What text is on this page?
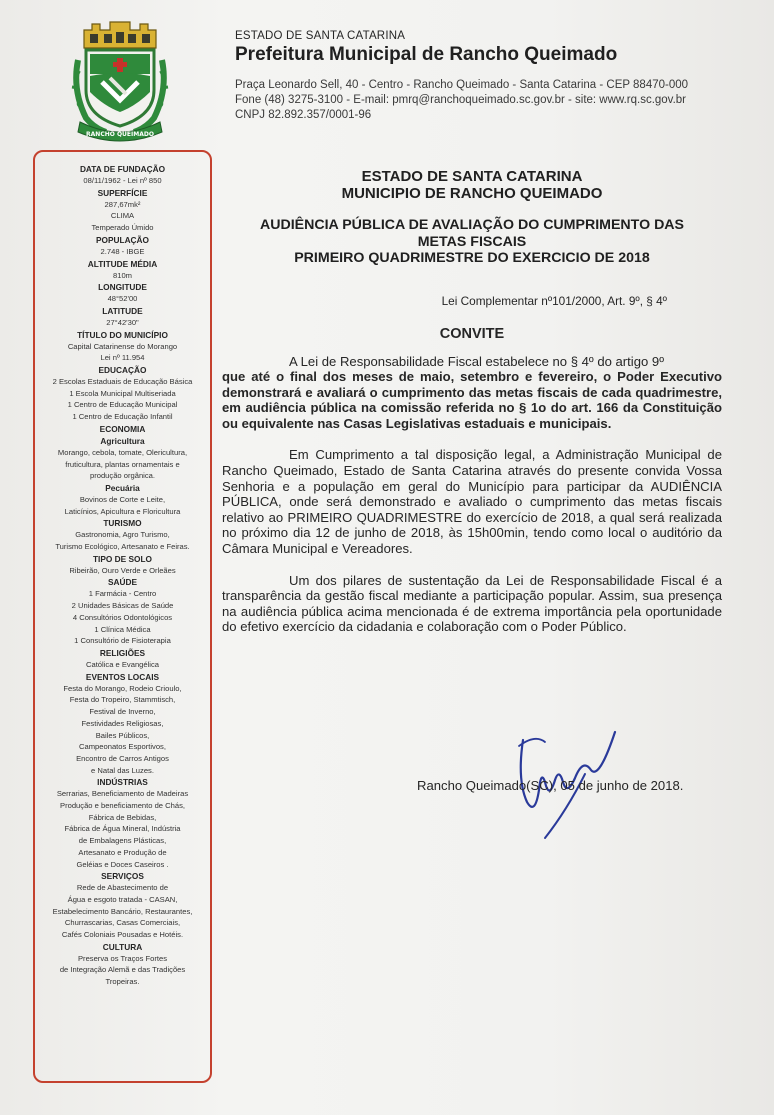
RANCHO QUEIMADO
ESTADO DE SANTA CATARINA
Prefeitura Municipal de Rancho Queimado
Praça Leonardo Sell, 40 - Centro - Rancho Queimado - Santa Catarina - CEP 88470-000
Fone (48) 3275-3100 - E-mail: pmrq@ranchoqueimado.sc.gov.br - site: www.rq.sc.gov.br
CNPJ 82.892.357/0001-96
DATA DE FUNDAÇÃO
08/11/1962 - Lei nº 850
SUPERFÍCIE
287,67mk²
CLIMA
Temperado Úmido
POPULAÇÃO
2.748 - IBGE
ALTITUDE MÉDIA
810m
LONGITUDE
48°52'00
LATITUDE
27°42'30"
TÍTULO DO MUNICÍPIO
Capital Catarinense do Morango
Lei nº 11.954
EDUCAÇÃO
2 Escolas Estaduais de Educação Básica
1 Escola Municipal Multiseriada
1 Centro de Educação Municipal
1 Centro de Educação Infantil
ECONOMIA
Agricultura
Morango, cebola, tomate, Olericultura,
fruticultura, plantas ornamentais e
produção orgânica.
Pecuária
Bovinos de Corte e Leite,
Laticínios, Apicultura e Floricultura
TURISMO
Gastronomia, Agro Turismo,
Turismo Ecológico, Artesanato e Feiras.
TIPO DE SOLO
Ribeirão, Ouro Verde e Orleães
SAÚDE
1 Farmácia - Centro
2 Unidades Básicas de Saúde
4 Consultórios Odontológicos
1 Clínica Médica
1 Consultório de Fisioterapia
RELIGIÕES
Católica e Evangélica
EVENTOS LOCAIS
Festa do Morango, Rodeio Crioulo,
Festa do Tropeiro, Stammtisch,
Festival de Inverno,
Festividades Religiosas,
Bailes Públicos,
Campeonatos Esportivos,
Encontro de Carros Antigos
e Natal das Luzes.
INDÚSTRIAS
Serrarias, Beneficiamento de Madeiras
Produção e beneficiamento de Chás,
Fábrica de Bebidas,
Fábrica de Água Mineral, Indústria
de Embalagens Plásticas,
Artesanato e Produção de
Geléias e Doces Caseiros .
SERVIÇOS
Rede de Abastecimento de
Água e esgoto tratada - CASAN,
Estabelecimento Bancário, Restaurantes,
Churrascarias, Casas Comerciais,
Cafés Coloniais Pousadas e Hotéis.
CULTURA
Preserva os Traços Fortes
de Integração Alemã e das Tradições
Tropeiras.
ESTADO DE SANTA CATARINA
MUNICIPIO DE RANCHO QUEIMADO
AUDIÊNCIA PÚBLICA DE AVALIAÇÃO DO CUMPRIMENTO DAS
METAS FISCAIS
PRIMEIRO QUADRIMESTRE DO EXERCICIO DE 2018
Lei Complementar nº101/2000, Art. 9º, § 4º
CONVITE

A Lei de Responsabilidade Fiscal estabelece no § 4º do artigo 9º

que até o final dos meses de maio, setembro e fevereiro, o Poder Executivo demonstrará e avaliará o cumprimento das metas fiscais de cada quadrimestre, em audiência pública na comissão referida no § 1o do art. 166 da Constituição ou equivalente nas Casas Legislativas estaduais e municipais.

Em Cumprimento a tal disposição legal, a Administração Municipal de Rancho Queimado, Estado de Santa Catarina através do presente convida Vossa Senhoria e a população em geral do Município para participar da AUDIÊNCIA PÚBLICA, onde será demonstrado e avaliado o cumprimento das metas fiscais relativo ao PRIMEIRO QUADRIMESTRE do exercício de 2018, a qual será realizada no próximo dia 12 de junho de 2018, às 15h00min, tendo como local o auditório da Câmara Municipal e Vereadores.

Um dos pilares de sustentação da Lei de Responsabilidade Fiscal é a transparência da gestão fiscal mediante a participação popular. Assim, sua presença na audiência pública acima mencionada é de extrema importância pela oportunidade do efetivo exercício da cidadania e colaboração com o Poder Público.

Rancho Queimado(SC), 05 de junho de 2018.
